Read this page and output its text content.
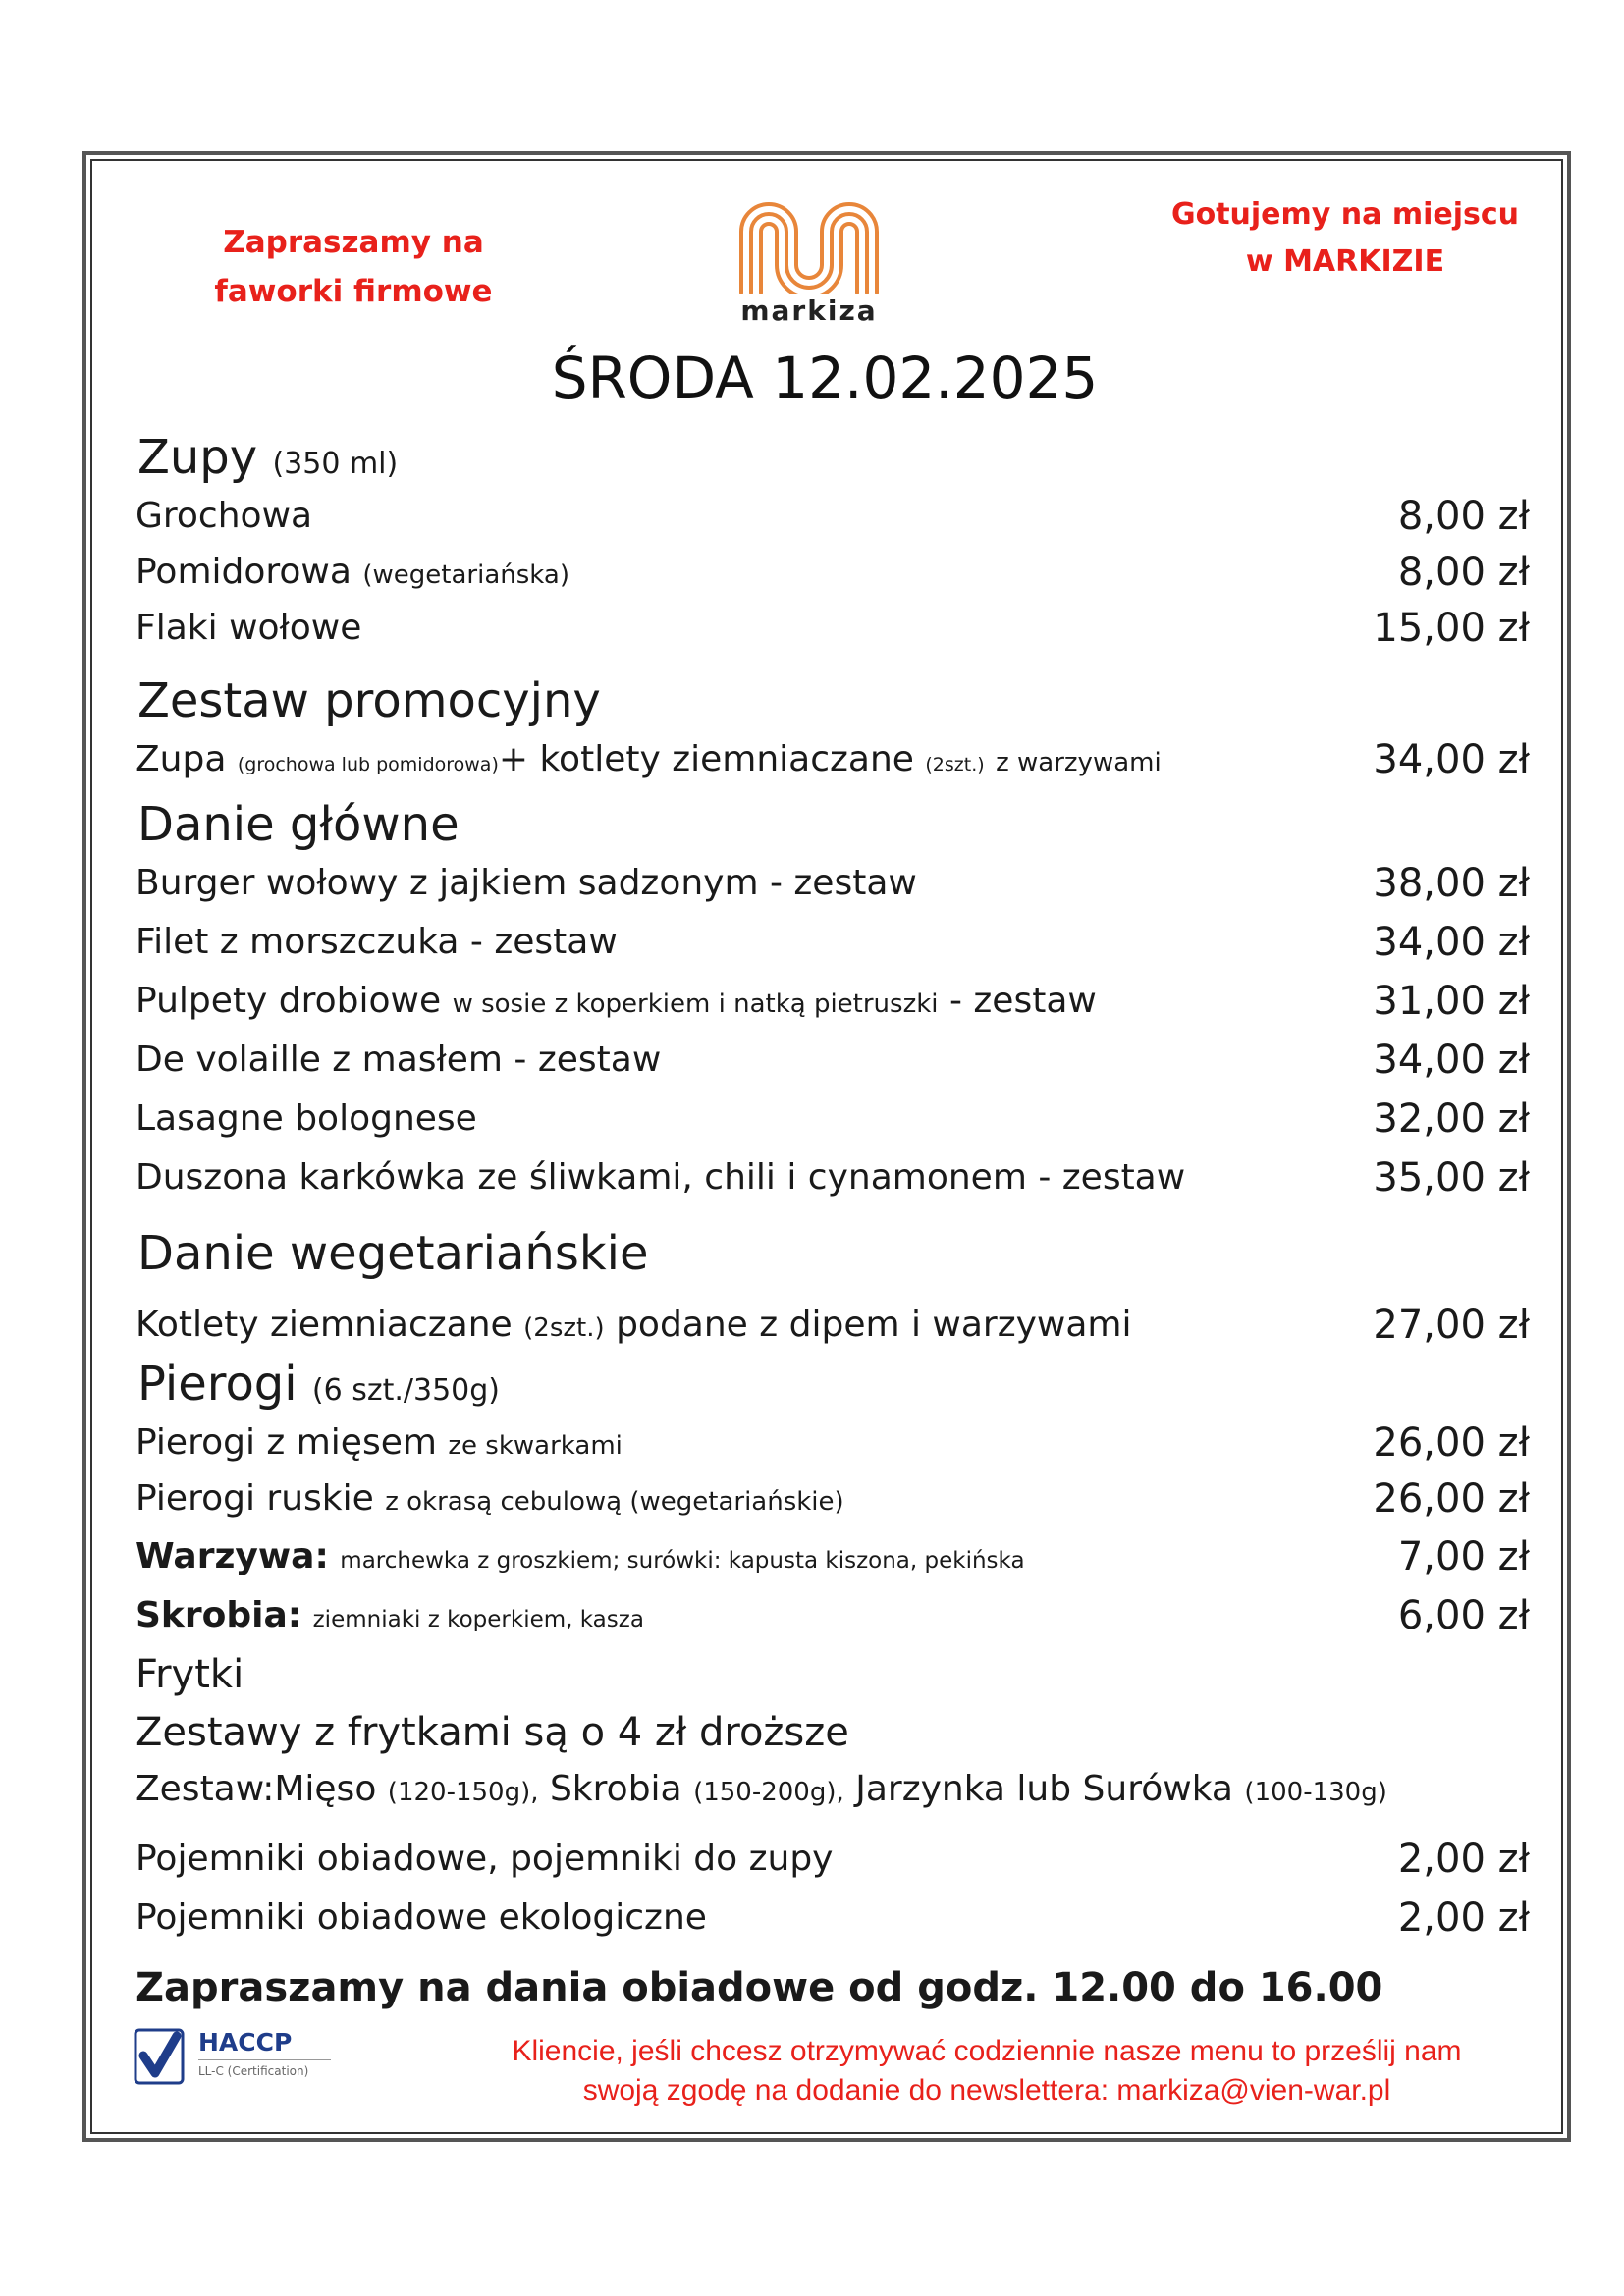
Zapraszamy na
faworki firmowe
markiza
Gotujemy na miejscu
w MARKIZIE
ŚRODA 12.02.2025
Zupy (350 ml)
Grochowa	8,00 zł
Pomidorowa (wegetariańska)	8,00 zł
Flaki wołowe	15,00 zł
Zestaw promocyjny
Zupa (grochowa lub pomidorowa)+ kotlety ziemniaczane (2szt.) z warzywami	34,00 zł
Danie główne
Burger wołowy z jajkiem sadzonym - zestaw	38,00 zł
Filet z morszczuka - zestaw	34,00 zł
Pulpety drobiowe w sosie z koperkiem i natką pietruszki - zestaw	31,00 zł
De volaille z masłem - zestaw	34,00 zł
Lasagne bolognese	32,00 zł
Duszona karkówka ze śliwkami, chili i cynamonem - zestaw	35,00 zł
Danie wegetariańskie
Kotlety ziemniaczane (2szt.) podane z dipem i warzywami	27,00 zł
Pierogi (6 szt./350g)
Pierogi z mięsem ze skwarkami	26,00 zł
Pierogi ruskie z okrasą cebulową (wegetariańskie)	26,00 zł
Warzywa: marchewka z groszkiem; surówki: kapusta kiszona, pekińska	7,00 zł
Skrobia: ziemniaki z koperkiem, kasza	6,00 zł
Frytki
Zestawy z frytkami są o 4 zł droższe
Zestaw:Mięso (120-150g), Skrobia (150-200g), Jarzynka lub Surówka (100-130g)
Pojemniki obiadowe, pojemniki do zupy	2,00 zł
Pojemniki obiadowe ekologiczne	2,00 zł
Zapraszamy na dania obiadowe od godz. 12.00 do 16.00
HACCP
LL-C (Certification)
Kliencie, jeśli chcesz otrzymywać codziennie nasze menu to prześlij nam
swoją zgodę na dodanie do newslettera: markiza@vien-war.pl
